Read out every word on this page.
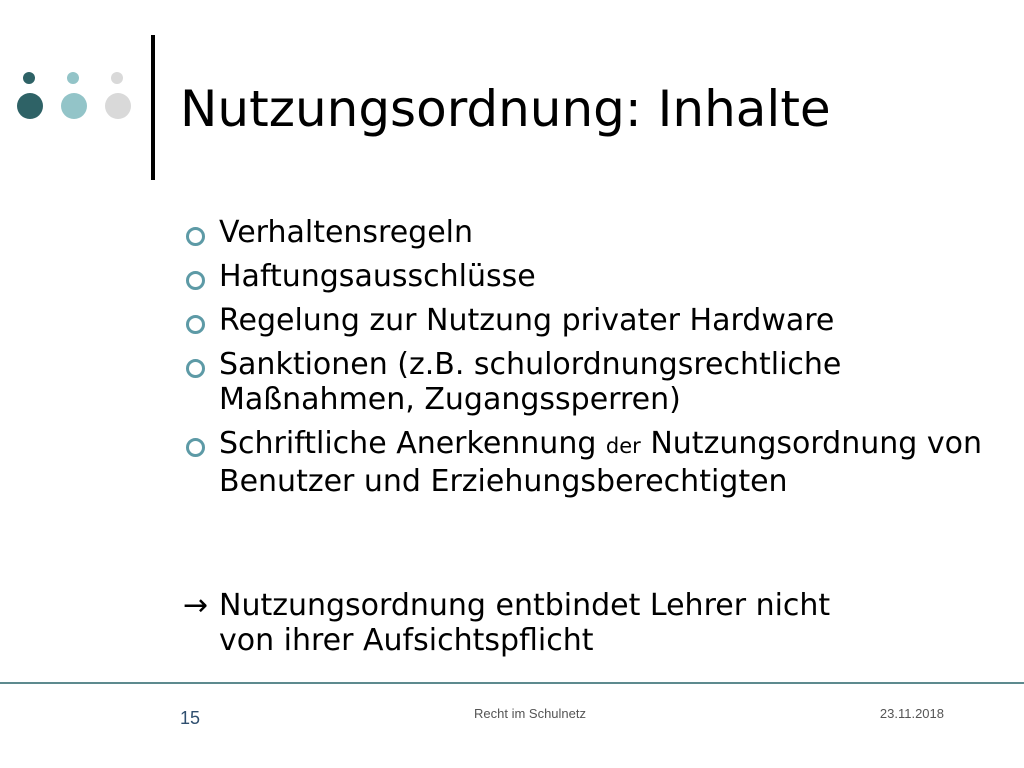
Nutzungsordnung: Inhalte
Verhaltensregeln
Haftungsausschlüsse
Regelung zur Nutzung privater Hardware
Sanktionen (z.B. schulordnungsrechtliche Maßnahmen, Zugangssperren)
Schriftliche Anerkennung der Nutzungsordnung von Benutzer und Erziehungsberechtigten
→ Nutzungsordnung entbindet Lehrer nicht
von ihrer Aufsichtspflicht
15	Recht im Schulnetz	23.11.2018
